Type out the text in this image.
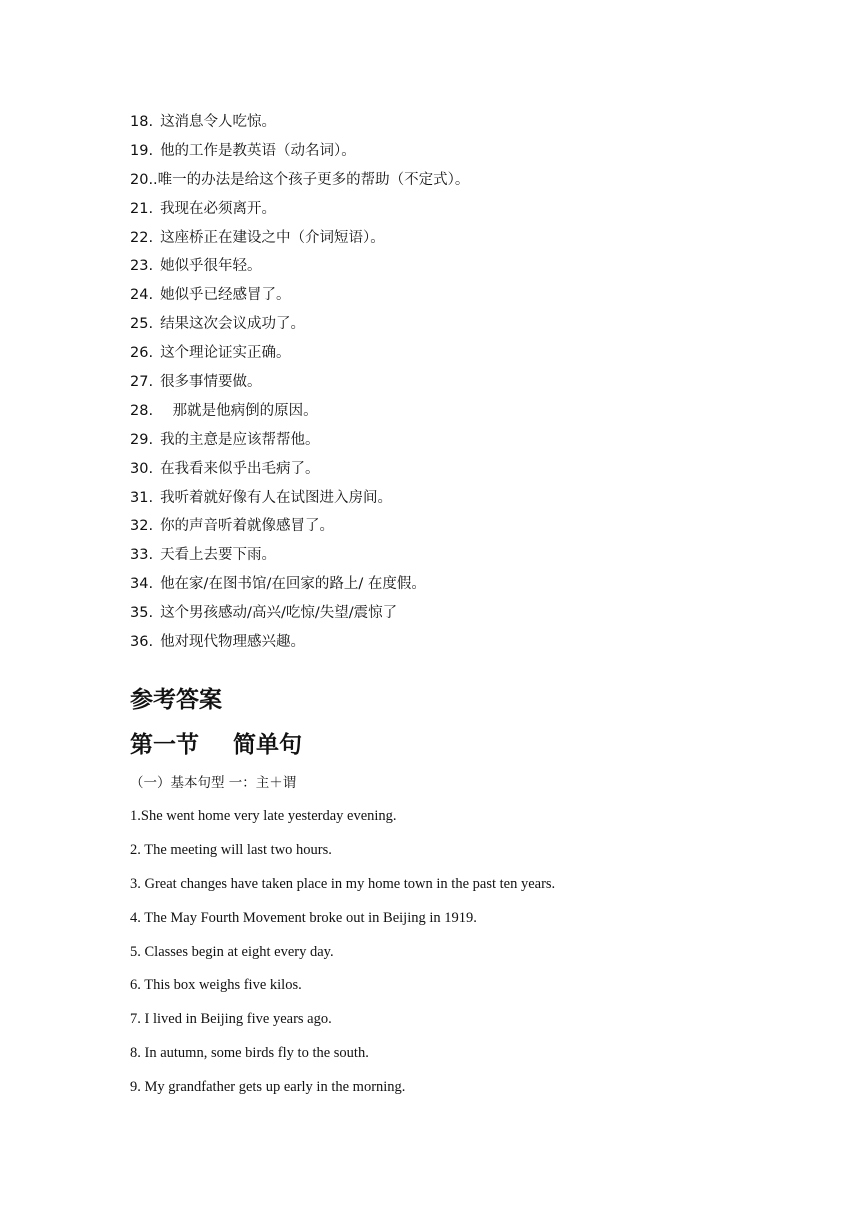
18. 这消息令人吃惊。
19. 他的工作是教英语（动名词）。
20..唯一的办法是给这个孩子更多的帮助（不定式）。
21. 我现在必须离开。
22. 这座桥正在建设之中（介词短语）。
23. 她似乎很年轻。
24. 她似乎已经感冒了。
25. 结果这次会议成功了。
26. 这个理论证实正确。
27. 很多事情要做。
28. 那就是他病倒的原因。
29. 我的主意是应该帮帮他。
30. 在我看来似乎出毛病了。
31. 我听着就好像有人在试图进入房间。
32. 你的声音听着就像感冒了。
33. 天看上去要下雨。
34. 他在家/在图书馆/在回家的路上/ 在度假。
35. 这个男孩感动/高兴/吃惊/失望/震惊了
36. 他对现代物理感兴趣。
参考答案
第一节 简单句
（一）基本句型 一：主＋谓
1.She went home very late yesterday evening.
2. The meeting will last two hours.
3. Great changes have taken place in my home town in the past ten years.
4. The May Fourth Movement broke out in Beijing in 1919.
5. Classes begin at eight every day.
6. This box weighs five kilos.
7. I lived in Beijing five years ago.
8. In autumn, some birds fly to the south.
9. My grandfather gets up early in the morning.
